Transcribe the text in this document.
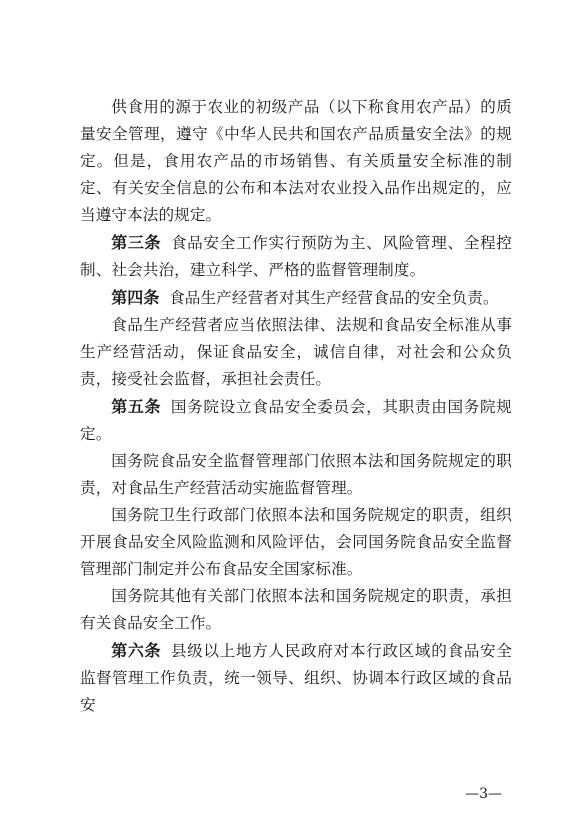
供食用的源于农业的初级产品（以下称食用农产品）的质量安全管理，遵守《中华人民共和国农产品质量安全法》的规定。但是，食用农产品的市场销售、有关质量安全标准的制定、有关安全信息的公布和本法对农业投入品作出规定的，应当遵守本法的规定。

第三条 食品安全工作实行预防为主、风险管理、全程控制、社会共治，建立科学、严格的监督管理制度。

第四条 食品生产经营者对其生产经营食品的安全负责。

食品生产经营者应当依照法律、法规和食品安全标准从事生产经营活动，保证食品安全，诚信自律，对社会和公众负责，接受社会监督，承担社会责任。

第五条 国务院设立食品安全委员会，其职责由国务院规定。

国务院食品安全监督管理部门依照本法和国务院规定的职责，对食品生产经营活动实施监督管理。

国务院卫生行政部门依照本法和国务院规定的职责，组织开展食品安全风险监测和风险评估，会同国务院食品安全监督管理部门制定并公布食品安全国家标准。

国务院其他有关部门依照本法和国务院规定的职责，承担有关食品安全工作。

第六条 县级以上地方人民政府对本行政区域的食品安全监督管理工作负责，统一领导、组织、协调本行政区域的食品安

—3—
